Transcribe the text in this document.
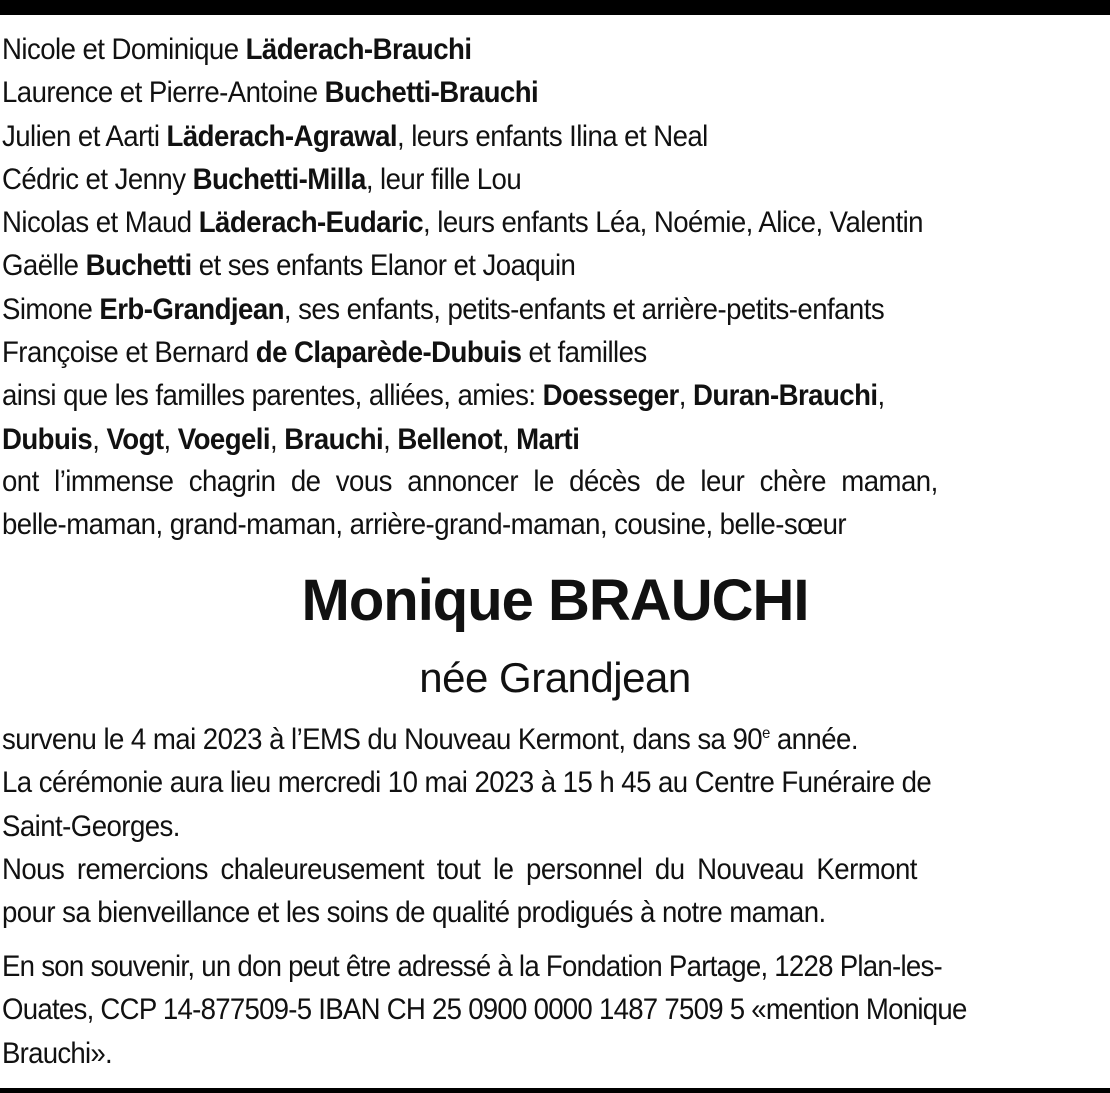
Nicole et Dominique Läderach-Brauchi
Laurence et Pierre-Antoine Buchetti-Brauchi
Julien et Aarti Läderach-Agrawal, leurs enfants Ilina et Neal
Cédric et Jenny Buchetti-Milla, leur fille Lou
Nicolas et Maud Läderach-Eudaric, leurs enfants Léa, Noémie, Alice, Valentin
Gaëlle Buchetti et ses enfants Elanor et Joaquin
Simone Erb-Grandjean, ses enfants, petits-enfants et arrière-petits-enfants
Françoise et Bernard de Claparède-Dubuis et familles
ainsi que les familles parentes, alliées, amies: Doesseger, Duran-Brauchi,
Dubuis, Vogt, Voegeli, Brauchi, Bellenot, Marti
ont l’immense chagrin de vous annoncer le décès de leur chère maman,
belle-maman, grand-maman, arrière-grand-maman, cousine, belle-sœur
Monique BRAUCHI
née Grandjean
survenu le 4 mai 2023 à l’EMS du Nouveau Kermont, dans sa 90e année.
La cérémonie aura lieu mercredi 10 mai 2023 à 15 h 45 au Centre Funéraire de
Saint-Georges.
Nous remercions chaleureusement tout le personnel du Nouveau Kermont
pour sa bienveillance et les soins de qualité prodigués à notre maman.
En son souvenir, un don peut être adressé à la Fondation Partage, 1228 Plan-les-
Ouates, CCP 14-877509-5 IBAN CH 25 0900 0000 1487 7509 5 «mention Monique
Brauchi».
